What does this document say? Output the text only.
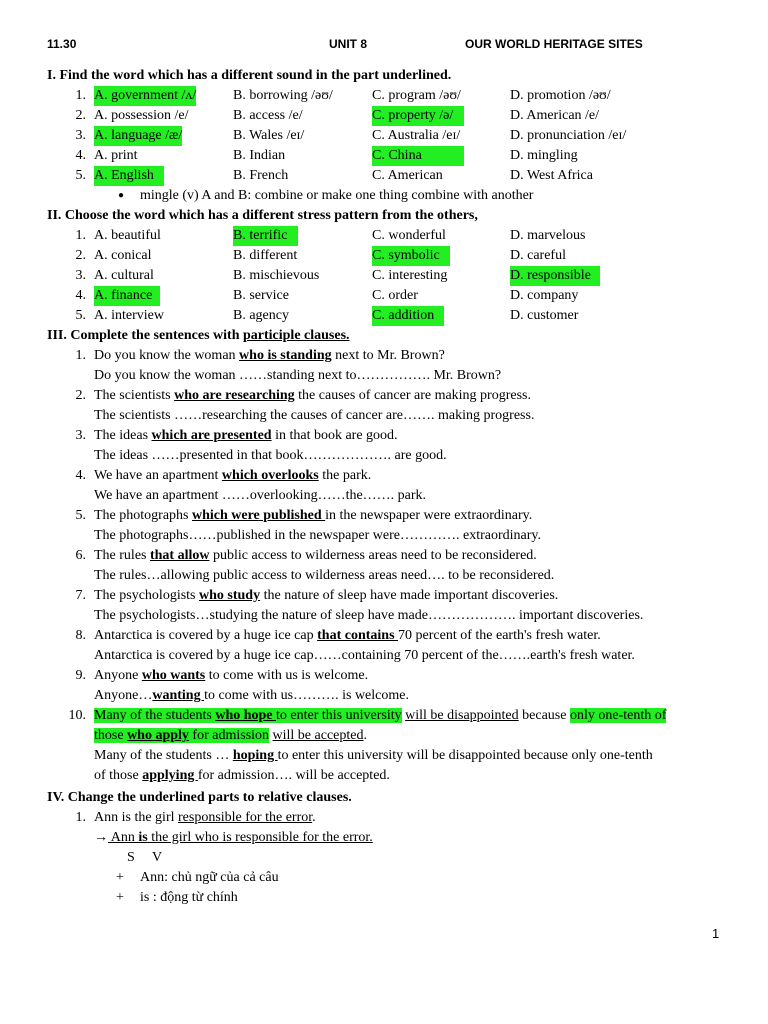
11.30	UNIT 8	OUR WORLD HERITAGE SITES
I. Find the word which has a different sound in the part underlined.
1. A. government /ʌ/	B. borrowing /əʊ/	C. program /əʊ/	D. promotion /əʊ/
2. A. possession /e/	B. access /e/	C. property /ə/	D. American /e/
3. A. language /æ/	B. Wales /eɪ/	C. Australia /eɪ/	D. pronunciation /eɪ/
4. A. print	B. Indian	C. China	D. mingling
5. A. English	B. French	C. American	D. West Africa
● mingle (v) A and B: combine or make one thing combine with another
II. Choose the word which has a different stress pattern from the others,
1. A. beautiful	B. terrific	C. wonderful	D. marvelous
2. A. conical	B. different	C. symbolic	D. careful
3. A. cultural	B. mischievous	C. interesting	D. responsible
4. A. finance	B. service	C. order	D. company
5. A. interview	B. agency	C. addition	D. customer
III. Complete the sentences with participle clauses.
1. Do you know the woman who is standing next to Mr. Brown?
Do you know the woman ……standing next to……………. Mr. Brown?
2. The scientists who are researching the causes of cancer are making progress.
The scientists ……researching the causes of cancer are……. making progress.
3. The ideas which are presented in that book are good.
The ideas ……presented in that book………………. are good.
4. We have an apartment which overlooks the park.
We have an apartment ……overlooking……the……. park.
5. The photographs which were published in the newspaper were extraordinary.
The photographs……published in the newspaper were…………. extraordinary.
6. The rules that allow public access to wilderness areas need to be reconsidered.
The rules…allowing public access to wilderness areas need…. to be reconsidered.
7. The psychologists who study the nature of sleep have made important discoveries.
The psychologists…studying the nature of sleep have made………………. important discoveries.
8. Antarctica is covered by a huge ice cap that contains 70 percent of the earth's fresh water.
Antarctica is covered by a huge ice cap……containing 70 percent of the…….earth's fresh water.
9. Anyone who wants to come with us is welcome.
Anyone…wanting to come with us………. is welcome.
10. Many of the students who hope to enter this university will be disappointed because only one-tenth of
those who apply for admission will be accepted.
Many of the students … hoping to enter this university will be disappointed because only one-tenth
of those applying for admission…. will be accepted.
IV. Change the underlined parts to relative clauses.
1. Ann is the girl responsible for the error.
→ Ann is the girl who is responsible for the error.
S     V
+ Ann: chủ ngữ của cả câu
+ is : động từ chính
1
